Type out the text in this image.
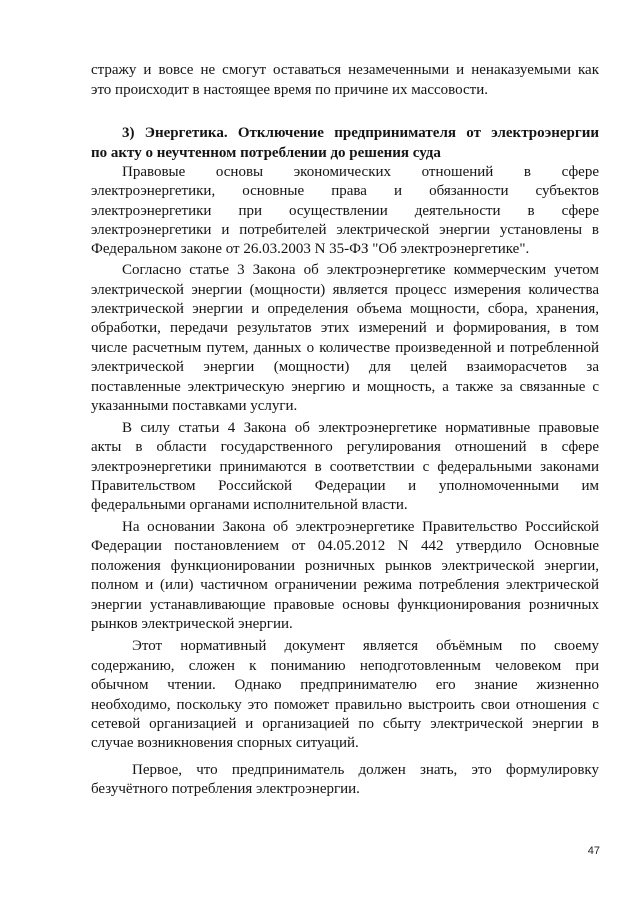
стражу и вовсе не смогут оставаться незамеченными и ненаказуемыми как
это происходит в настоящее время по причине их массовости.
3) Энергетика. Отключение предпринимателя от электроэнергии
по акту о неучтенном потреблении до решения суда
Правовые основы экономических отношений в сфере
электроэнергетики, основные права и обязанности субъектов
электроэнергетики при осуществлении деятельности в сфере
электроэнергетики и потребителей электрической энергии установлены в
Федеральном законе от 26.03.2003 N 35-ФЗ "Об электроэнергетике".
Согласно статье 3 Закона об электроэнергетике коммерческим учетом
электрической энергии (мощности) является процесс измерения количества
электрической энергии и определения объема мощности, сбора, хранения,
обработки, передачи результатов этих измерений и формирования, в том
числе расчетным путем, данных о количестве произведенной и потребленной
электрической энергии (мощности) для целей взаиморасчетов за
поставленные электрическую энергию и мощность, а также за связанные с
указанными поставками услуги.
В силу статьи 4 Закона об электроэнергетике нормативные правовые
акты в области государственного регулирования отношений в сфере
электроэнергетики принимаются в соответствии с федеральными законами
Правительством Российской Федерации и уполномоченными им
федеральными органами исполнительной власти.
На основании Закона об электроэнергетике Правительство Российской
Федерации постановлением от 04.05.2012 N 442 утвердило Основные
положения функционировании розничных рынков электрической энергии,
полном и (или) частичном ограничении режима потребления электрической
энергии устанавливающие правовые основы функционирования розничных
рынков электрической энергии.
Этот нормативный документ является объёмным по своему
содержанию, сложен к пониманию неподготовленным человеком при
обычном чтении. Однако предпринимателю его знание жизненно
необходимо, поскольку это поможет правильно выстроить свои отношения с
сетевой организацией и организацией по сбыту электрической энергии в
случае возникновения спорных ситуаций.
Первое, что предприниматель должен знать, это формулировку
безучётного потребления электроэнергии.
47
